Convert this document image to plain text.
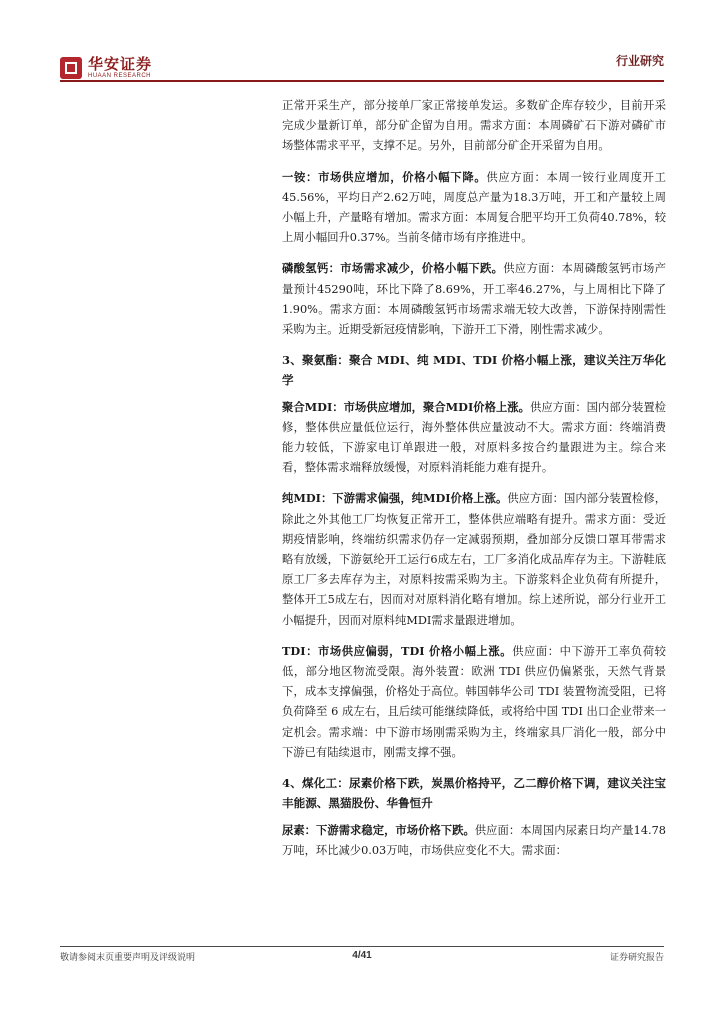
华安证券
HUAAN RESEARCH
行业研究

正常开采生产，部分接单厂家正常接单发运。多数矿企库存较少，目前开采完成少量新订单，部分矿企留为自用。需求方面：本周磷矿石下游对磷矿市场整体需求平平，支撑不足。另外，目前部分矿企开采留为自用。

一铵：市场供应增加，价格小幅下降。供应方面：本周一铵行业周度开工45.56%，平均日产2.62万吨，周度总产量为18.3万吨，开工和产量较上周小幅上升，产量略有增加。需求方面：本周复合肥平均开工负荷40.78%，较上周小幅回升0.37%。当前冬储市场有序推进中。

磷酸氢钙：市场需求减少，价格小幅下跌。供应方面：本周磷酸氢钙市场产量预计45290吨，环比下降了8.69%，开工率46.27%，与上周相比下降了1.90%。需求方面：本周磷酸氢钙市场需求端无较大改善，下游保持刚需性采购为主。近期受新冠疫情影响，下游开工下滑，刚性需求减少。

3、聚氨酯：聚合 MDI、纯 MDI、TDI 价格小幅上涨，建议关注万华化学

聚合MDI：市场供应增加，聚合MDI价格上涨。供应方面：国内部分装置检修，整体供应量低位运行，海外整体供应量波动不大。需求方面：终端消费能力较低，下游家电订单跟进一般，对原料多按合约量跟进为主。综合来看，整体需求端释放缓慢，对原料消耗能力难有提升。

纯MDI：下游需求偏强，纯MDI价格上涨。供应方面：国内部分装置检修，除此之外其他工厂均恢复正常开工，整体供应端略有提升。需求方面：受近期疫情影响，终端纺织需求仍存一定减弱预期，叠加部分反馈口罩耳带需求略有放缓，下游氨纶开工运行6成左右，工厂多消化成品库存为主。下游鞋底原工厂多去库存为主，对原料按需采购为主。下游浆料企业负荷有所提升，整体开工5成左右，因而对对原料消化略有增加。综上述所说，部分行业开工小幅提升，因而对原料纯MDI需求量跟进增加。

TDI：市场供应偏弱，TDI 价格小幅上涨。供应面：中下游开工率负荷较低，部分地区物流受限。海外装置：欧洲 TDI 供应仍偏紧张，天然气背景下，成本支撑偏强，价格处于高位。韩国韩华公司 TDI 装置物流受阻，已将负荷降至 6 成左右，且后续可能继续降低，或将给中国 TDI 出口企业带来一定机会。需求端：中下游市场刚需采购为主，终端家具厂消化一般，部分中下游已有陆续退市，刚需支撑不强。

4、煤化工：尿素价格下跌，炭黑价格持平，乙二醇价格下调，建议关注宝丰能源、黑猫股份、华鲁恒升

尿素：下游需求稳定，市场价格下跌。供应面：本周国内尿素日均产量14.78万吨，环比减少0.03万吨，市场供应变化不大。需求面：

敬请参阅末页重要声明及评级说明	4/41	证券研究报告
